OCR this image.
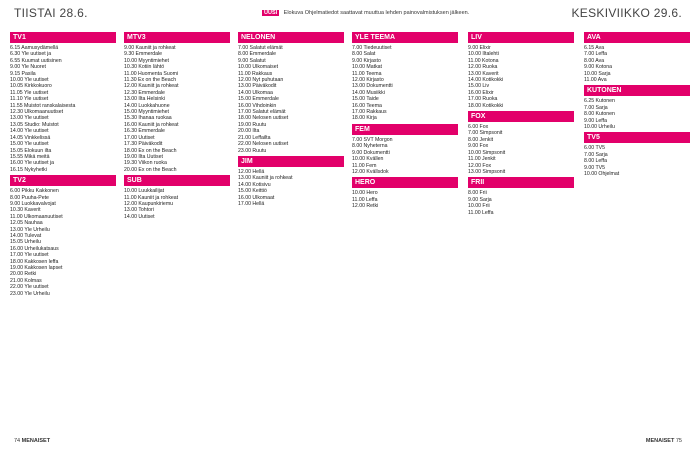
TIISTAI 28.6.	UUSI Elokuva Ohjelmatiedot saattavat muuttua lehden painovalmistuksen jälkeen.	KESKIVIIKKO 29.6.
TV1
6.15 Aamusydämellä
6.30 Yle uutiset ja
6.55 Kuumat uutisinen
9.00 Yle Nuoret
9.15 Pasila
10.00 Yle uutiset
10.05 Kirkkokuoro
11.05 Yle uutiset
11.10 Yle uutiset
11.55 Muistot ranskalaisesta
12.30 Ulkomaanuutiset
13.00 Yle uutiset
13.05 Studio: Muistot
14.00 Yle uutiset
14.05 Vinkkelissä
15.00 Yle uutiset
15.05 Elokuun ilta
15.55 Mikä meitä
16.00 Yle uutiset ja
16.15 Nykyhetki
TV2
6.00 Pikku Kakkonen
8.00 Puuha-Pete
9.00 Luokkavalvojat
10.30 Kaverit
11.00 Ulkomaanuutiset
12.05 Nauhaa
13.00 Yle Urheilu
14.00 Tulevat
15.05 Urheilu
16.00 Urheilukatsaus
17.00 Yle uutiset
18.00 Kakkosen leffa
19.00 Kakkosen lapset
20.00 Retki
21.00 Kolmas
22.00 Yle uutiset
23.00 Yle Urheilu
MTV3
9.00 Kauniit ja rohkeat
9.30 Emmerdale
10.00 Myyntimiehet
10.30 Kotiin lähtö
11.00 Huomenta Suomi
11.30 Ex on the Beach
12.00 Kauniit ja rohkeat
12.30 Emmerdale
13.00 Ilta Helsinki
14.00 Luokkahuone
15.00 Myyntimiehet
15.30 Ihanaa ruokaa
16.00 Kauniit ja rohkeat
16.30 Emmerdale
17.00 Uutiset
17.30 Päiväkodit
18.00 Ex on the Beach
19.00 Ilta Uutiset
19.30 Viikon ruoka
20.00 Ex on the Beach
SUB
10.00 Luukkailijat
11.00 Kauniit ja rohkeat
12.00 Kaupunkiriemu
13.00 Tohtori
14.00 Uutiset
NELONEN
7.00 Salatut elämät
8.00 Emmerdale
9.00 Salatut
10.00 Ulkomaiset
11.00 Rakkaus
12.00 Nyt puhutaan
13.00 Päiväkodit
14.00 Ulkomaa
15.00 Emmerdale
16.00 Vihdoinkin
17.00 Salatut elämät
18.00 Nelosen uutiset
19.00 Ruutu
20.00 Ilta
21.00 Leffailta
22.00 Nelosen uutiset
23.00 Ruutu
JIM
12.00 Hellä
13.00 Kauniit ja rohkeat
14.00 Kotisivu
15.00 Keittiö
16.00 Ulkomaat
17.00 Hellä
YLE TEEMA
7.00 Tiedeuutiset
8.00 Salat
9.00 Kirjasto
10.00 Matkat
11.00 Teema
12.00 Kirjasto
13.00 Dokumentti
14.00 Musiikki
15.00 Taide
16.00 Teema
17.00 Rakkaus
18.00 Kirja
FEM
7.00 SVT Morgon
8.00 Nyheterna
9.00 Dokumentti
10.00 Kvällen
11.00 Fem
12.00 Kvällsdok
HERO
10.00 Hero
11.00 Leffa
12.00 Retki
LIV
9.00 Elixir
10.00 Iltalehti
11.00 Kotona
12.00 Ruoka
13.00 Kaverit
14.00 Kotikokki
15.00 Liv
16.00 Elixir
17.00 Ruoka
18.00 Kotikokki
FOX
6.00 Fox
7.00 Simpsonit
8.00 Jenkit
9.00 Fox
10.00 Simpsonit
11.00 Jenkit
12.00 Fox
13.00 Simpsonit
FRII
8.00 Frii
9.00 Sarja
10.00 Frii
11.00 Leffa
AVA
6.15 Ava
7.00 Leffa
8.00 Ava
9.00 Kotona
10.00 Sarja
11.00 Ava
KUTONEN
6.25 Kutonen
7.00 Sarja
8.00 Kutonen
9.00 Leffa
10.00 Urheilu
TV5
6.00 TV5
7.00 Sarja
8.00 Leffa
9.00 TV5
10.00 Ohjelmat
74 MENAISET	MENAISET 75
